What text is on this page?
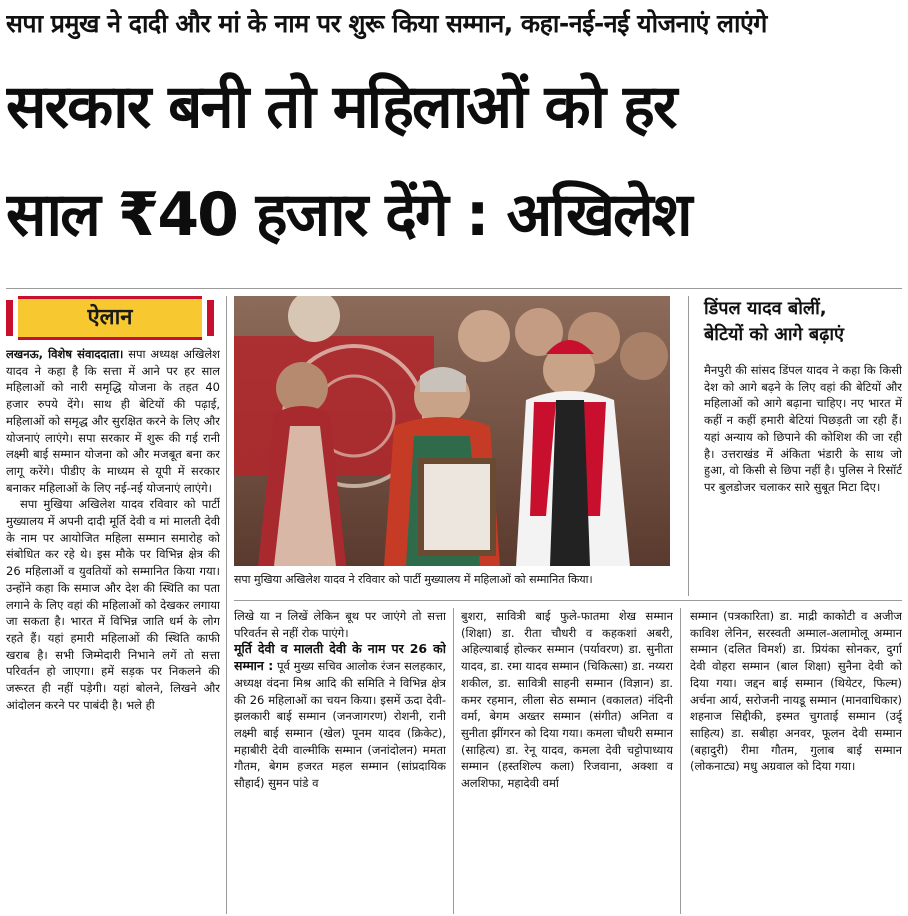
सपा प्रमुख ने दादी और मां के नाम पर शुरू किया सम्मान, कहा-नई-नई योजनाएं लाएंगे
सरकार बनी तो महिलाओं को हर
साल ₹40 हजार देंगे : अखिलेश
ऐलान

लखनऊ, विशेष संवाददाता। सपा अध्यक्ष अखिलेश यादव ने कहा है कि सत्ता में आने पर हर साल महिलाओं को नारी समृद्धि योजना के तहत 40 हजार रुपये देंगे। साथ ही बेटियों की पढ़ाई, महिलाओं को समृद्ध और सुरक्षित करने के लिए और योजनाएं लाएंगे। सपा सरकार में शुरू की गई रानी लक्ष्मी बाई सम्मान योजना को और मजबूत बना कर लागू करेंगे। पीडीए के माध्यम से यूपी में सरकार बनाकर महिलाओं के लिए नई-नई योजनाएं लाएंगे।

सपा मुखिया अखिलेश यादव रविवार को पार्टी मुख्यालय में अपनी दादी मूर्ति देवी व मां मालती देवी के नाम पर आयोजित महिला सम्मान समारोह को संबोधित कर रहे थे। इस मौके पर विभिन्न क्षेत्र की 26 महिलाओं व युवतियों को सम्मानित किया गया। उन्होंने कहा कि समाज और देश की स्थिति का पता लगाने के लिए वहां की महिलाओं को देखकर लगाया जा सकता है। भारत में विभिन्न जाति धर्म के लोग रहते हैं। यहां हमारी महिलाओं की स्थिति काफी खराब है। सभी जिम्मेदारी निभाने लगें तो सत्ता परिवर्तन हो जाएगा। हमें सड़क पर निकलने की जरूरत ही नहीं पड़ेगी। यहां बोलने, लिखने और आंदोलन करने पर पाबंदी है। भले ही

सपा मुखिया अखिलेश यादव ने रविवार को पार्टी मुख्यालय में महिलाओं को सम्मानित किया।
डिंपल यादव बोलीं,
बेटियों को आगे बढ़ाएं

मैनपुरी की सांसद डिंपल यादव ने कहा कि किसी देश को आगे बढ़ने के लिए वहां की बेटियों और महिलाओं को आगे बढ़ाना चाहिए। नए भारत में कहीं न कहीं हमारी बेटियां पिछड़ती जा रही हैं। यहां अन्याय को छिपाने की कोशिश की जा रही है। उत्तराखंड में अंकिता भंडारी के साथ जो हुआ, वो किसी से छिपा नहीं है। पुलिस ने रिसॉर्ट पर बुलडोजर चलाकर सारे सुबूत मिटा दिए।

लिखे या न लिखें लेकिन बूथ पर जाएंगे तो सत्ता परिवर्तन से नहीं रोक पाएंगे।

मूर्ति देवी व मालती देवी के नाम पर 26 को सम्मान : पूर्व मुख्य सचिव आलोक रंजन सलहकार, अध्यक्ष वंदना मिश्र आदि की समिति ने विभिन्न क्षेत्र की 26 महिलाओं का चयन किया। इसमें ऊदा देवी-झलकारी बाई सम्मान (जनजागरण) रोशनी, रानी लक्ष्मी बाई सम्मान (खेल) पूनम यादव (क्रिकेट), महाबीरी देवी वाल्मीकि सम्मान (जनांदोलन) ममता गौतम, बेगम हजरत महल सम्मान (सांप्रदायिक सौहार्द) सुमन पांडे व

बुशरा, सावित्री बाई फुले-फातमा शेख सम्मान (शिक्षा) डा. रीता चौधरी व कहकशां अबरी, अहिल्याबाई होल्कर सम्मान (पर्यावरण) डा. सुनीता यादव, डा. रमा यादव सम्मान (चिकित्सा) डा. नय्यरा शकील, डा. सावित्री साहनी सम्मान (विज्ञान) डा. कमर रहमान, लीला सेठ सम्मान (वकालत) नंदिनी वर्मा, बेगम अख्तर सम्मान (संगीत) अनिता व सुनीता झींगरन को दिया गया। कमला चौधरी सम्मान (साहित्य) डा. रेनू यादव, कमला देवी चट्टोपाध्याय सम्मान (हस्तशिल्प कला) रिजवाना, अक्शा व अलशिफा, महादेवी वर्मा

सम्मान (पत्रकारिता) डा. माद्री काकोटी व अजीज काविश लेनिन, सरस्वती अम्माल-अलामोलू अम्मान सम्मान (दलित विमर्श) डा. प्रियंका सोनकर, दुर्गा देवी वोहरा सम्मान (बाल शिक्षा) सुनैना देवी को दिया गया। जद्दन बाई सम्मान (थियेटर, फिल्म) अर्चना आर्य, सरोजनी नायडू सम्मान (मानवाधिकार) शहनाज सिद्दीकी, इस्मत चुगताई सम्मान (उर्दू साहित्य) डा. सबीहा अनवर, फूलन देवी सम्मान (बहादुरी) रीमा गौतम, गुलाब बाई सम्मान (लोकनाट्य) मधु अग्रवाल को दिया गया।
